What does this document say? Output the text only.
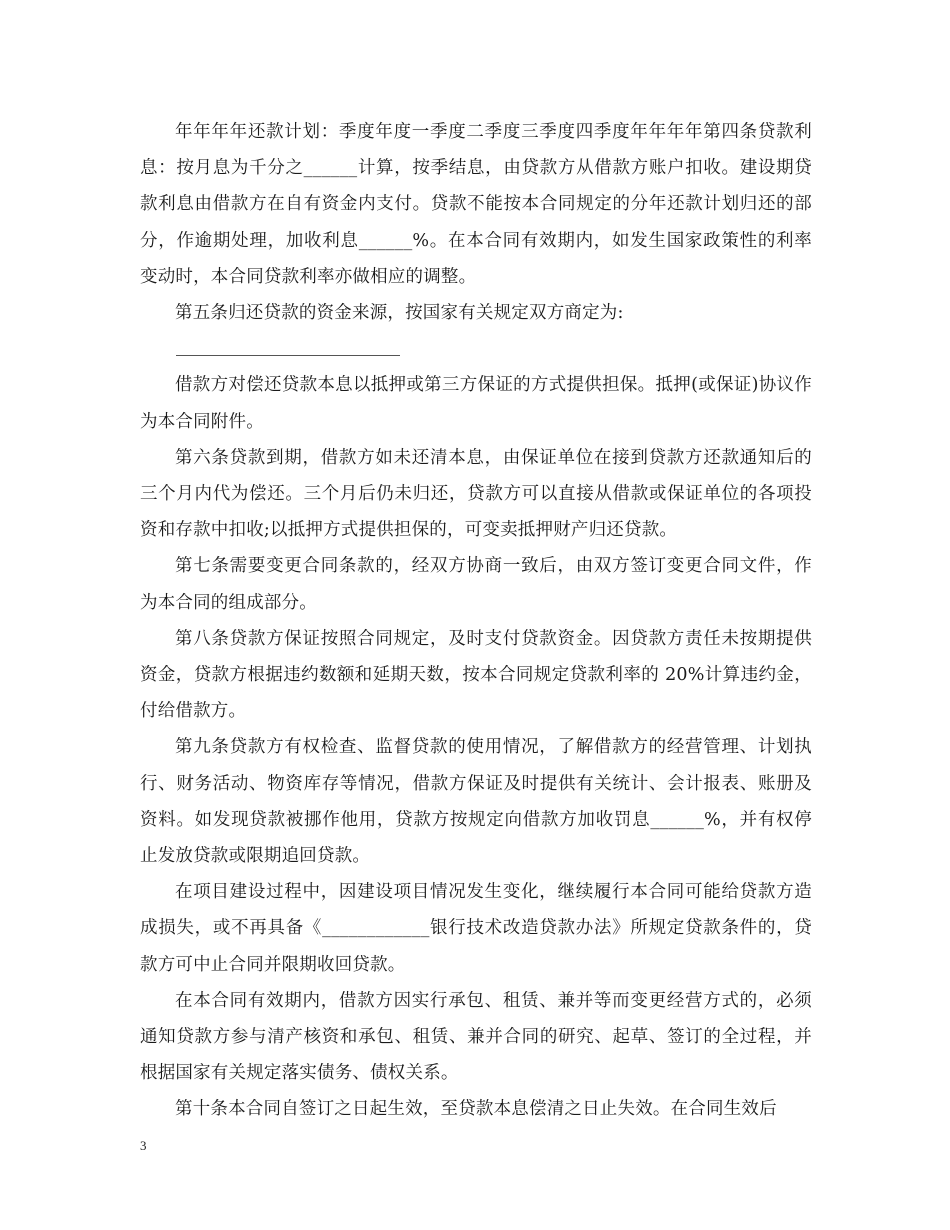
年年年年还款计划：季度年度一季度二季度三季度四季度年年年年第四条贷款利息：按月息为千分之______计算，按季结息，由贷款方从借款方账户扣收。建设期贷款利息由借款方在自有资金内支付。贷款不能按本合同规定的分年还款计划归还的部分，作逾期处理，加收利息______%。在本合同有效期内，如发生国家政策性的利率变动时，本合同贷款利率亦做相应的调整。

第五条归还贷款的资金来源，按国家有关规定双方商定为:

借款方对偿还贷款本息以抵押或第三方保证的方式提供担保。抵押(或保证)协议作为本合同附件。

第六条贷款到期，借款方如未还清本息，由保证单位在接到贷款方还款通知后的三个月内代为偿还。三个月后仍未归还，贷款方可以直接从借款或保证单位的各项投资和存款中扣收;以抵押方式提供担保的，可变卖抵押财产归还贷款。

第七条需要变更合同条款的，经双方协商一致后，由双方签订变更合同文件，作为本合同的组成部分。

第八条贷款方保证按照合同规定，及时支付贷款资金。因贷款方责任未按期提供资金，贷款方根据违约数额和延期天数，按本合同规定贷款利率的 20%计算违约金，付给借款方。

第九条贷款方有权检查、监督贷款的使用情况，了解借款方的经营管理、计划执行、财务活动、物资库存等情况，借款方保证及时提供有关统计、会计报表、账册及资料。如发现贷款被挪作他用，贷款方按规定向借款方加收罚息______%，并有权停止发放贷款或限期追回贷款。

在项目建设过程中，因建设项目情况发生变化，继续履行本合同可能给贷款方造成损失，或不再具备《____________银行技术改造贷款办法》所规定贷款条件的，贷款方可中止合同并限期收回贷款。

在本合同有效期内，借款方因实行承包、租赁、兼并等而变更经营方式的，必须通知贷款方参与清产核资和承包、租赁、兼并合同的研究、起草、签订的全过程，并根据国家有关规定落实债务、债权关系。

第十条本合同自签订之日起生效，至贷款本息偿清之日止失效。在合同生效后

3
